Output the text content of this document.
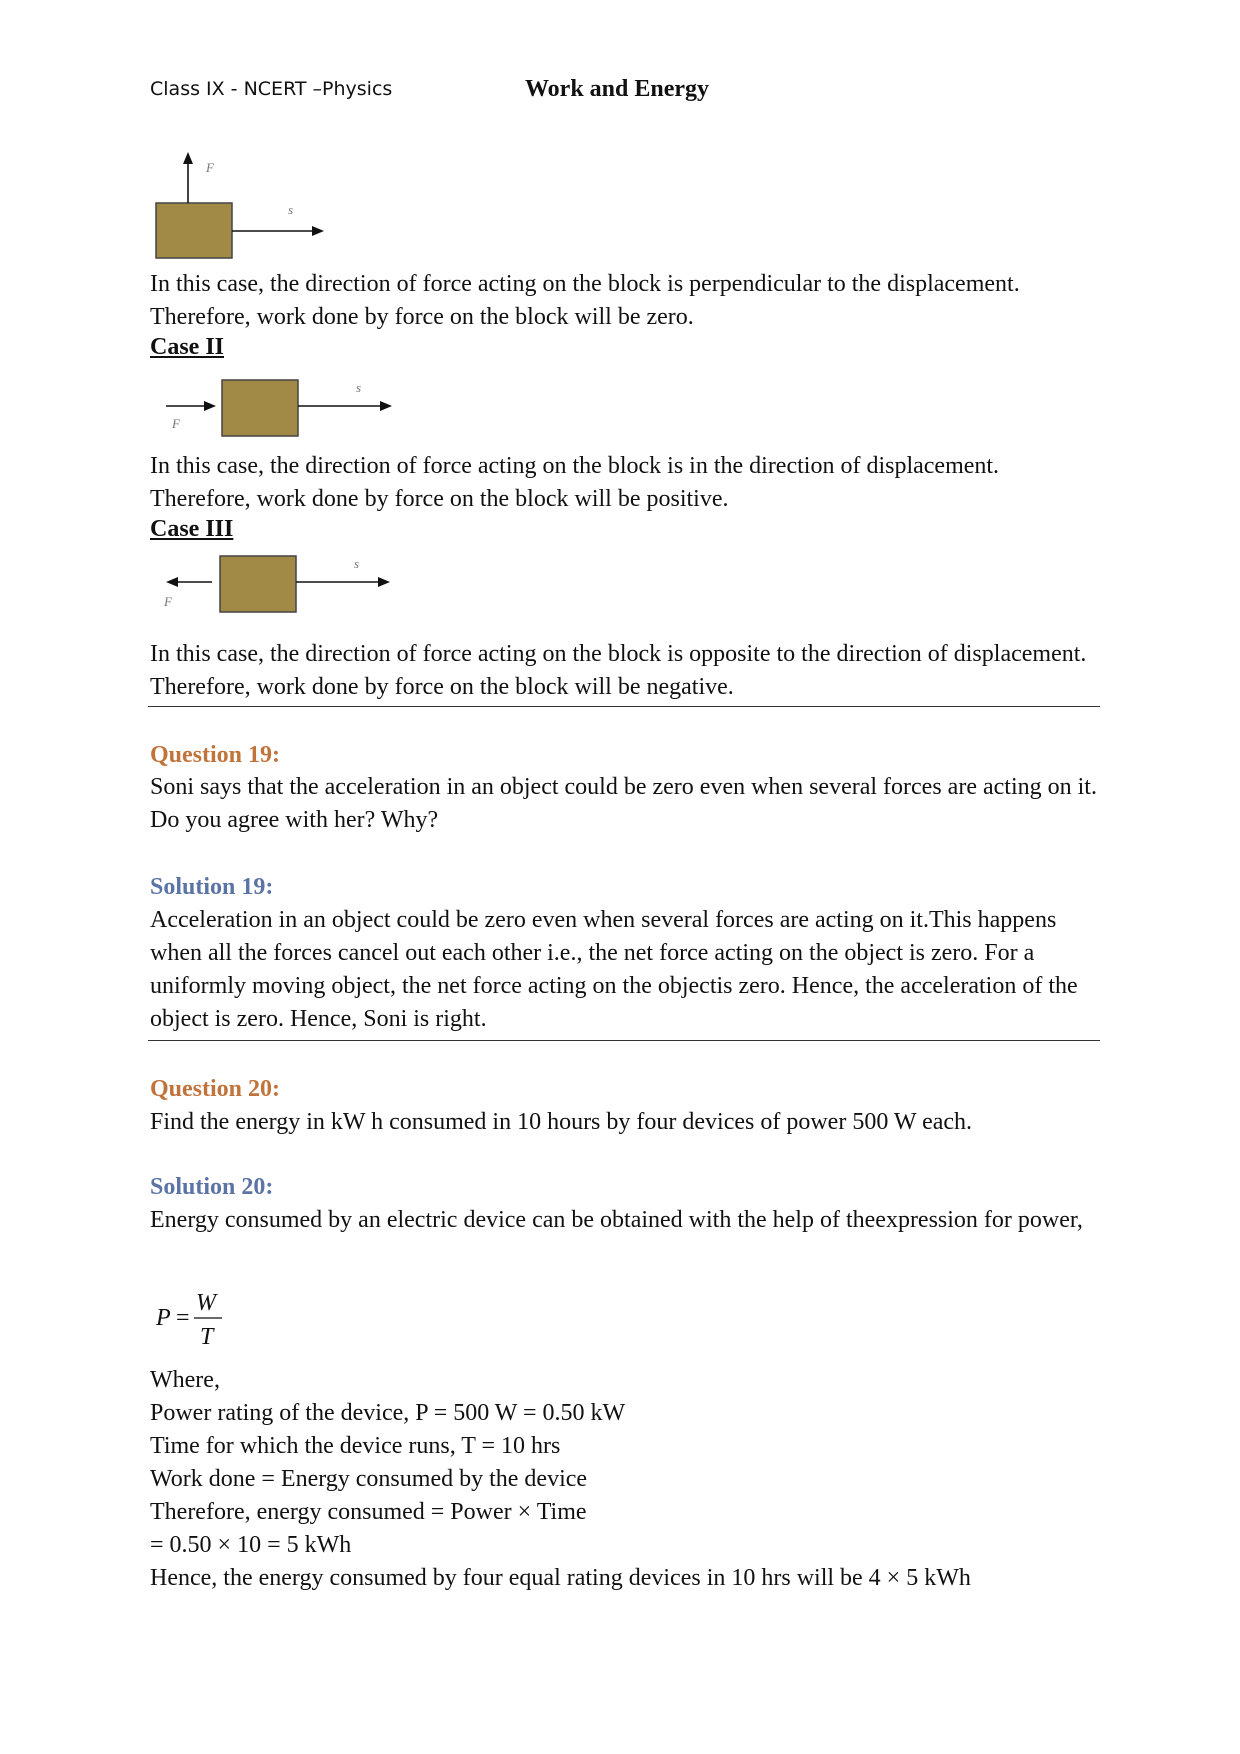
Class IX - NCERT –Physics	Work and Energy
F
s
In this case, the direction of force acting on the block is perpendicular to the displacement. Therefore, work done by force on the block will be zero.
Case II
F
s
In this case, the direction of force acting on the block is in the direction of displacement. Therefore, work done by force on the block will be positive.
Case III
F
s
In this case, the direction of force acting on the block is opposite to the direction of displacement. Therefore, work done by force on the block will be negative.
Question 19:
Soni says that the acceleration in an object could be zero even when several forces are acting on it. Do you agree with her? Why?
Solution 19:
Acceleration in an object could be zero even when several forces are acting on it.This happens when all the forces cancel out each other i.e., the net force acting on the object is zero. For a uniformly moving object, the net force acting on the objectis zero. Hence, the acceleration of the object is zero. Hence, Soni is right.
Question 20:
Find the energy in kW h consumed in 10 hours by four devices of power 500 W each.
Solution 20:
Energy consumed by an electric device can be obtained with the help of theexpression for power,
P =
W
T
Where,
Power rating of the device, P = 500 W = 0.50 kW
Time for which the device runs, T = 10 hrs
Work done = Energy consumed by the device
Therefore, energy consumed = Power × Time
= 0.50 × 10 = 5 kWh
Hence, the energy consumed by four equal rating devices in 10 hrs will be 4 × 5 kWh
